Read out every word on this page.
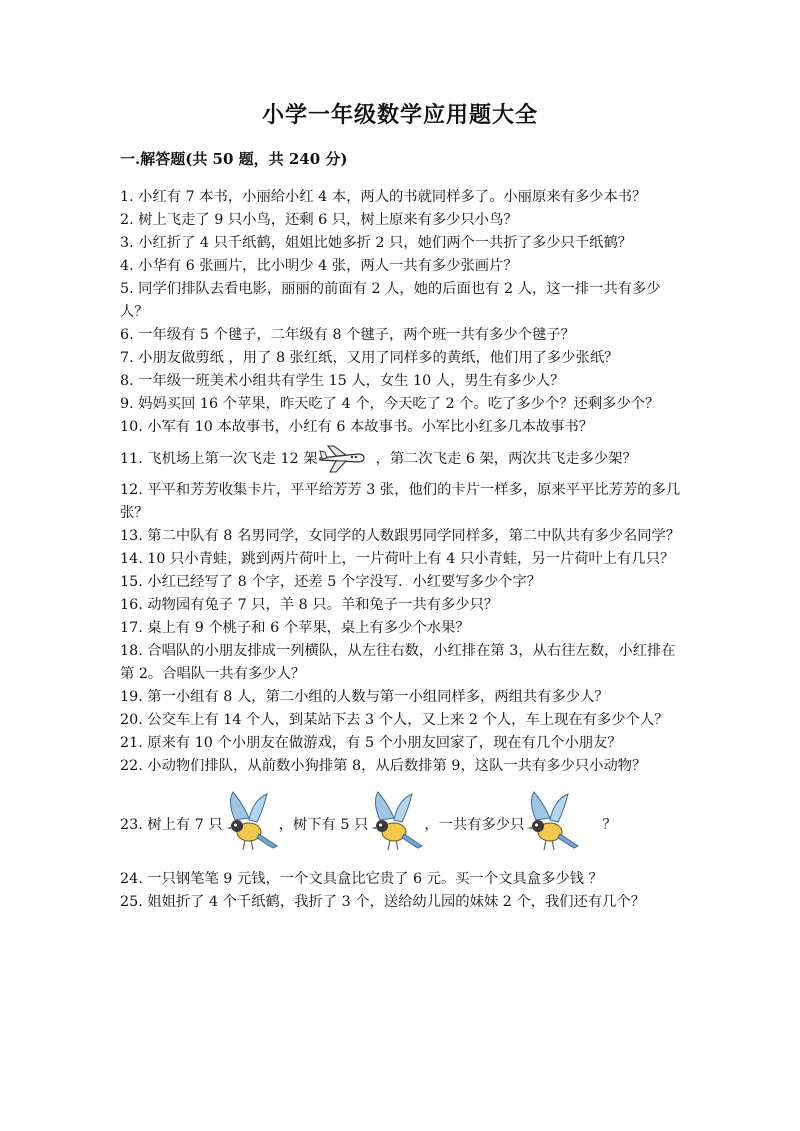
小学一年级数学应用题大全
一.解答题(共 50 题，共 240 分)

1. 小红有 7 本书，小丽给小红 4 本，两人的书就同样多了。小丽原来有多少本书？

2. 树上飞走了 9 只小鸟，还剩 6 只，树上原来有多少只小鸟？

3. 小红折了 4 只千纸鹤，姐姐比她多折 2 只，她们两个一共折了多少只千纸鹤？

4. 小华有 6 张画片，比小明少 4 张，两人一共有多少张画片？

5. 同学们排队去看电影，丽丽的前面有 2 人，她的后面也有 2 人，这一排一共有多少人？

6. 一年级有 5 个毽子，二年级有 8 个毽子，两个班一共有多少个毽子？

7. 小朋友做剪纸 ，用了 8 张红纸，又用了同样多的黄纸，他们用了多少张纸？

8. 一年级一班美术小组共有学生 15 人，女生 10 人，男生有多少人？

9. 妈妈买回 16 个苹果，昨天吃了 4 个，今天吃了 2 个。吃了多少个？还剩多少个？

10. 小军有 10 本故事书，小红有 6 本故事书。小军比小红多几本故事书？

11. 飞机场上第一次飞走 12 架	，第二次飞走 6 架，两次共飞走多少架？

12. 平平和芳芳收集卡片，平平给芳芳 3 张，他们的卡片一样多，原来平平比芳芳的多几张？

13. 第二中队有 8 名男同学，女同学的人数跟男同学同样多，第二中队共有多少名同学？

14. 10 只小青蛙，跳到两片荷叶上，一片荷叶上有 4 只小青蛙，另一片荷叶上有几只？

15. 小红已经写了 8 个字，还差 5 个字没写．小红要写多少个字？

16. 动物园有兔子 7 只，羊 8 只。羊和兔子一共有多少只？

17. 桌上有 9 个桃子和 6 个苹果，桌上有多少个水果？

18. 合唱队的小朋友排成一列横队，从左往右数，小红排在第 3，从右往左数，小红排在第 2。合唱队一共有多少人？

19. 第一小组有 8 人，第二小组的人数与第一小组同样多，两组共有多少人？

20. 公交车上有 14 个人，到某站下去 3 个人，又上来 2 个人，车上现在有多少个人？

21. 原来有 10 个小朋友在做游戏，有 5 个小朋友回家了，现在有几个小朋友？

22. 小动物们排队，从前数小狗排第 8，从后数排第 9，这队一共有多少只小动物？

23. 树上有 7 只	，树下有 5 只	，一共有多少只	？

24. 一只钢笔笔 9 元钱，一个文具盒比它贵了 6 元。买一个文具盒多少钱 ？

25. 姐姐折了 4 个千纸鹤，我折了 3 个，送给幼儿园的妹妹 2 个，我们还有几个？
